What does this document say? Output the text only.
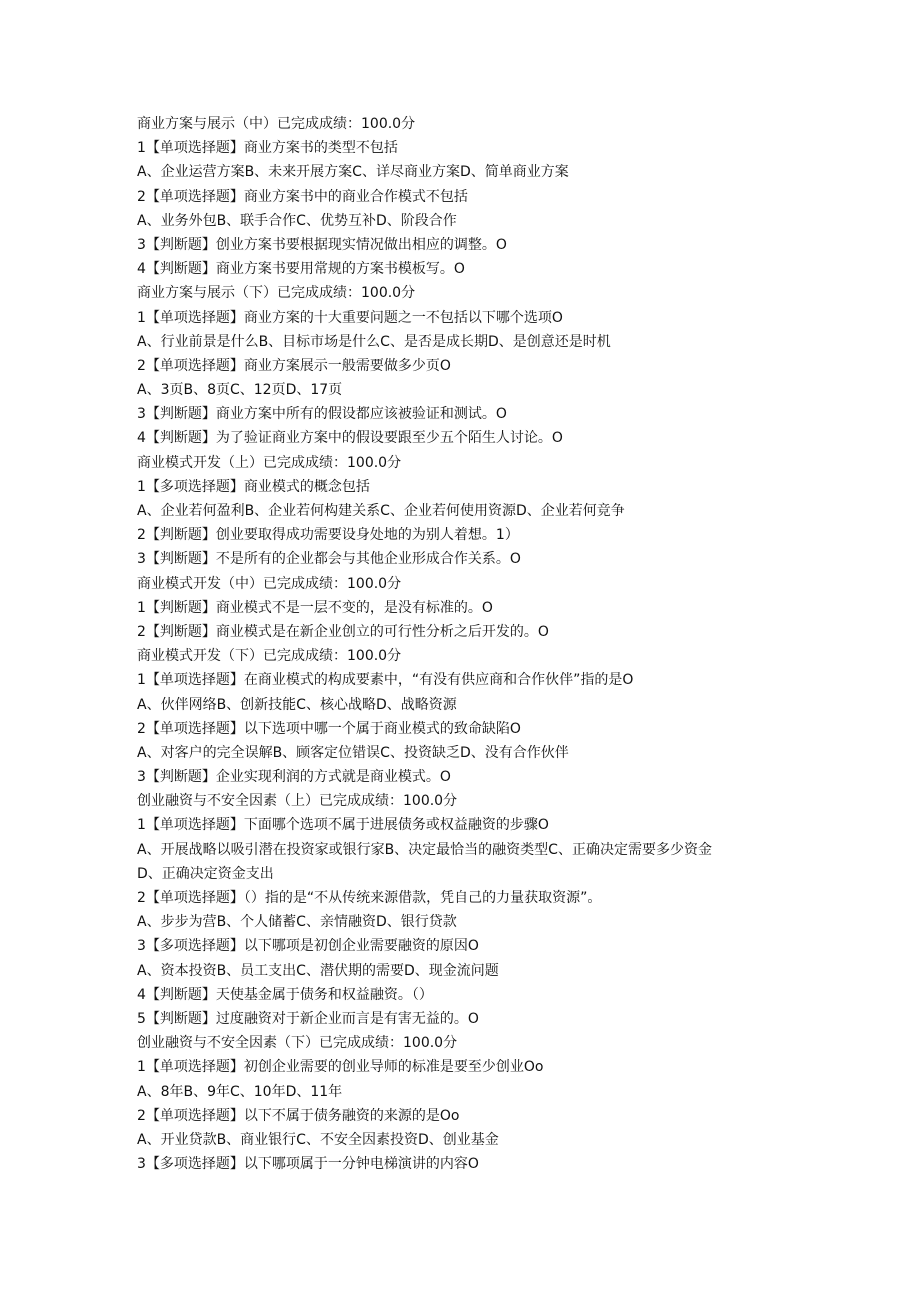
商业方案与展示（中）已完成成绩：100.0分
1【单项选择题】商业方案书的类型不包括
A、企业运营方案B、未来开展方案C、详尽商业方案D、简单商业方案
2【单项选择题】商业方案书中的商业合作模式不包括
A、业务外包B、联手合作C、优势互补D、阶段合作
3【判断题】创业方案书要根据现实情况做出相应的调整。O
4【判断题】商业方案书要用常规的方案书模板写。O
商业方案与展示（下）已完成成绩：100.0分
1【单项选择题】商业方案的十大重要问题之一不包括以下哪个选项O
A、行业前景是什么B、目标市场是什么C、是否是成长期D、是创意还是时机
2【单项选择题】商业方案展示一般需要做多少页O
A、3页B、8页C、12页D、17页
3【判断题】商业方案中所有的假设都应该被验证和测试。O
4【判断题】为了验证商业方案中的假设要跟至少五个陌生人讨论。O
商业模式开发（上）已完成成绩：100.0分
1【多项选择题】商业模式的概念包括
A、企业若何盈利B、企业若何构建关系C、企业若何使用资源D、企业若何竞争
2【判断题】创业要取得成功需要设身处地的为别人着想。1）
3【判断题】不是所有的企业都会与其他企业形成合作关系。O
商业模式开发（中）已完成成绩：100.0分
1【判断题】商业模式不是一层不变的，是没有标准的。O
2【判断题】商业模式是在新企业创立的可行性分析之后开发的。O
商业模式开发（下）已完成成绩：100.0分
1【单项选择题】在商业模式的构成要素中，“有没有供应商和合作伙伴”指的是O
A、伙伴网络B、创新技能C、核心战略D、战略资源
2【单项选择题】以下选项中哪一个属于商业模式的致命缺陷O
A、对客户的完全误解B、顾客定位错误C、投资缺乏D、没有合作伙伴
3【判断题】企业实现利润的方式就是商业模式。O
创业融资与不安全因素（上）已完成成绩：100.0分
1【单项选择题】下面哪个选项不属于进展债务或权益融资的步骤O
A、开展战略以吸引潜在投资家或银行家B、决定最恰当的融资类型C、正确决定需要多少资金
D、正确决定资金支出
2【单项选择题】（）指的是“不从传统来源借款，凭自己的力量获取资源”。
A、步步为营B、个人储蓄C、亲情融资D、银行贷款
3【多项选择题】以下哪项是初创企业需要融资的原因O
A、资本投资B、员工支出C、潜伏期的需要D、现金流问题
4【判断题】天使基金属于债务和权益融资。（）
5【判断题】过度融资对于新企业而言是有害无益的。O
创业融资与不安全因素（下）已完成成绩：100.0分
1【单项选择题】初创企业需要的创业导师的标准是要至少创业Oo
A、8年B、9年C、10年D、11年
2【单项选择题】以下不属于债务融资的来源的是Oo
A、开业贷款B、商业银行C、不安全因素投资D、创业基金
3【多项选择题】以下哪项属于一分钟电梯演讲的内容O
